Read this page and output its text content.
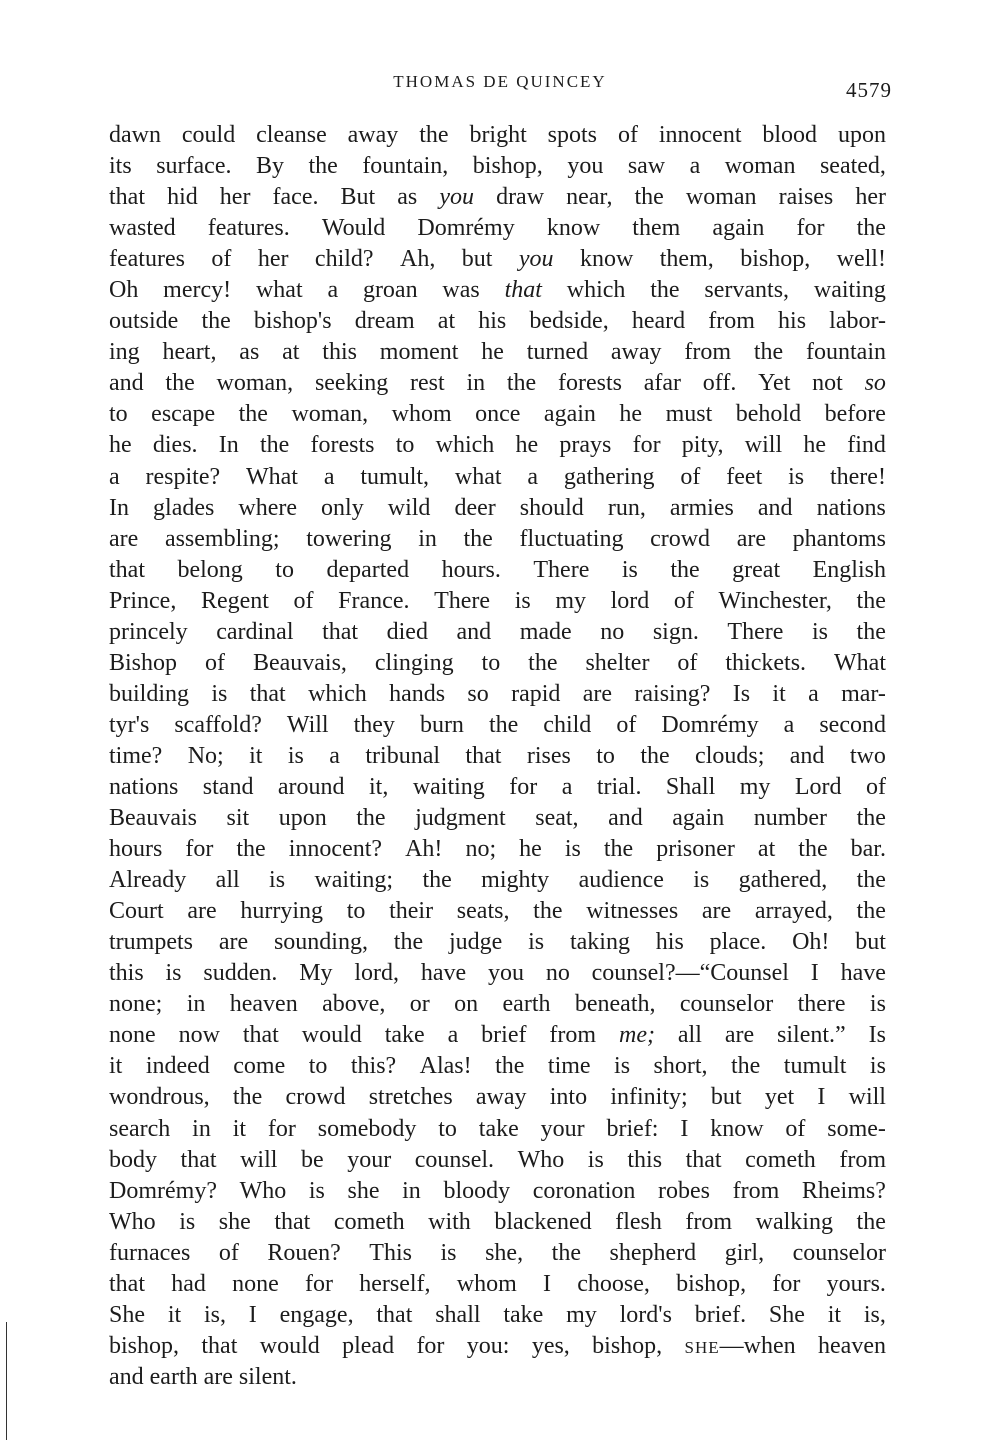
THOMAS DE QUINCEY	4579
dawn could cleanse away the bright spots of innocent blood upon
its surface. By the fountain, bishop, you saw a woman seated,
that hid her face. But as you draw near, the woman raises her
wasted features. Would Domrémy know them again for the
features of her child? Ah, but you know them, bishop, well!
Oh mercy! what a groan was that which the servants, waiting
outside the bishop's dream at his bedside, heard from his labor-
ing heart, as at this moment he turned away from the fountain
and the woman, seeking rest in the forests afar off. Yet not so
to escape the woman, whom once again he must behold before
he dies. In the forests to which he prays for pity, will he find
a respite? What a tumult, what a gathering of feet is there!
In glades where only wild deer should run, armies and nations
are assembling; towering in the fluctuating crowd are phantoms
that belong to departed hours. There is the great English
Prince, Regent of France. There is my lord of Winchester, the
princely cardinal that died and made no sign. There is the
Bishop of Beauvais, clinging to the shelter of thickets. What
building is that which hands so rapid are raising? Is it a mar-
tyr's scaffold? Will they burn the child of Domrémy a second
time? No; it is a tribunal that rises to the clouds; and two
nations stand around it, waiting for a trial. Shall my Lord of
Beauvais sit upon the judgment seat, and again number the
hours for the innocent? Ah! no; he is the prisoner at the bar.
Already all is waiting; the mighty audience is gathered, the
Court are hurrying to their seats, the witnesses are arrayed, the
trumpets are sounding, the judge is taking his place. Oh! but
this is sudden. My lord, have you no counsel?—“Counsel I have
none; in heaven above, or on earth beneath, counselor there is
none now that would take a brief from me; all are silent.” Is
it indeed come to this? Alas! the time is short, the tumult is
wondrous, the crowd stretches away into infinity; but yet I will
search in it for somebody to take your brief: I know of some-
body that will be your counsel. Who is this that cometh from
Domrémy? Who is she in bloody coronation robes from Rheims?
Who is she that cometh with blackened flesh from walking the
furnaces of Rouen? This is she, the shepherd girl, counselor
that had none for herself, whom I choose, bishop, for yours.
She it is, I engage, that shall take my lord's brief. She it is,
bishop, that would plead for you: yes, bishop, SHE—when heaven
and earth are silent.
